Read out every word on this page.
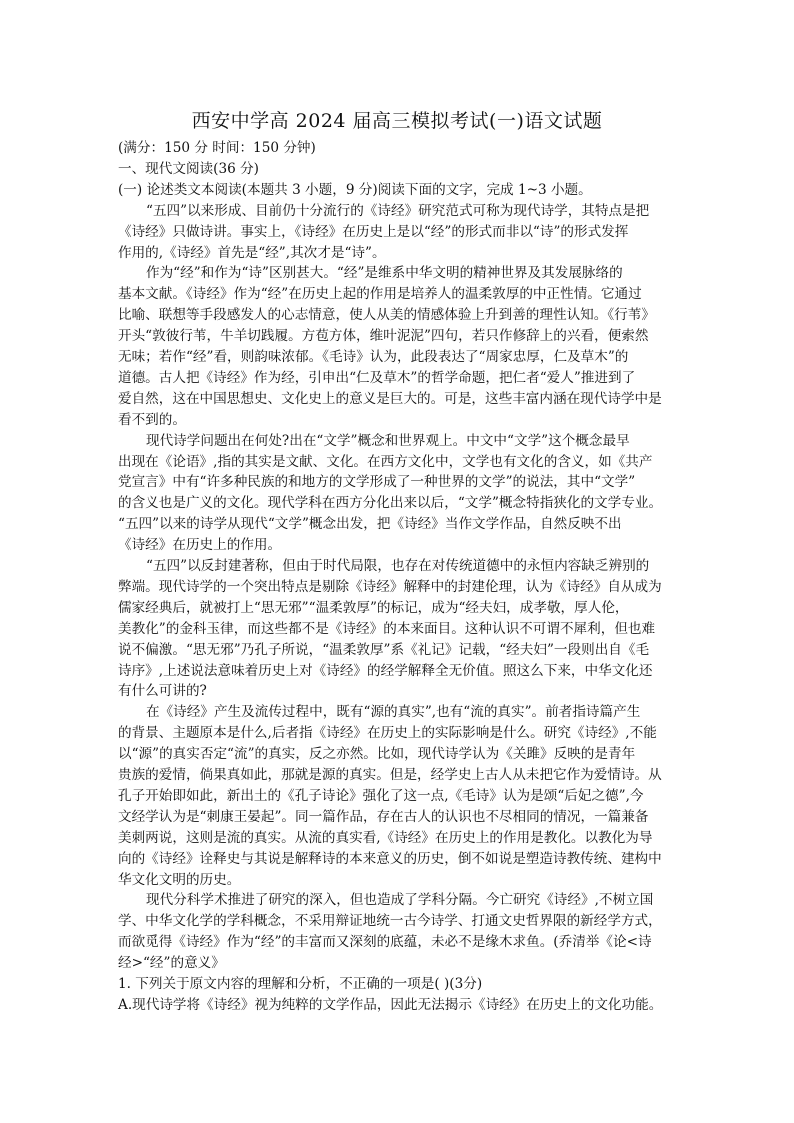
西安中学高 2024 届高三模拟考试(一)语文试题
(满分：150 分 时间：150 分钟)
一、现代文阅读(36 分)
(一) 论述类文本阅读(本题共 3 小题，9 分)阅读下面的文字，完成 1~3 小题。
“五四”以来形成、目前仍十分流行的《诗经》研究范式可称为现代诗学，其特点是把
《诗经》只做诗讲。事实上，《诗经》在历史上是以“经”的形式而非以“诗”的形式发挥
作用的,《诗经》首先是“经”,其次才是“诗”。
作为“经”和作为“诗”区别甚大。“经”是维系中华文明的精神世界及其发展脉络的
基本文献。《诗经》作为“经”在历史上起的作用是培养人的温柔敦厚的中正性情。它通过
比喻、联想等手段感发人的心志情意，使人从美的情感体验上升到善的理性认知。《行苇》
开头“敦彼行苇，牛羊切践履。方苞方体，维叶泥泥”四句，若只作修辞上的兴看，便索然
无味；若作“经”看，则韵味浓郁。《毛诗》认为，此段表达了“周家忠厚，仁及草木”的
道德。古人把《诗经》作为经，引申出“仁及草木”的哲学命题，把仁者“爱人”推进到了
爱自然，这在中国思想史、文化史上的意义是巨大的。可是，这些丰富内涵在现代诗学中是
看不到的。
现代诗学问题出在何处?出在“文学”概念和世界观上。中文中“文学”这个概念最早
出现在《论语》,指的其实是文献、文化。在西方文化中，文学也有文化的含义，如《共产
党宣言》中有“许多种民族的和地方的文学形成了一种世界的文学”的说法，其中“文学”
的含义也是广义的文化。现代学科在西方分化出来以后，“文学”概念特指狭化的文学专业。
“五四”以来的诗学从现代“文学”概念出发，把《诗经》当作文学作品，自然反映不出
《诗经》在历史上的作用。
“五四”以反封建著称，但由于时代局限，也存在对传统道德中的永恒内容缺乏辨别的
弊端。现代诗学的一个突出特点是剔除《诗经》解释中的封建伦理，认为《诗经》自从成为
儒家经典后，就被打上“思无邪”“温柔敦厚”的标记，成为“经夫妇，成孝敬，厚人伦，
美教化”的金科玉律，而这些都不是《诗经》的本来面目。这种认识不可谓不犀利，但也难
说不偏激。“思无邪”乃孔子所说，“温柔敦厚”系《礼记》记载，“经夫妇”一段则出自《毛
诗序》,上述说法意味着历史上对《诗经》的经学解释全无价值。照这么下来，中华文化还
有什么可讲的?
在《诗经》产生及流传过程中，既有“源的真实”,也有“流的真实”。前者指诗篇产生
的背景、主题原本是什么,后者指《诗经》在历史上的实际影响是什么。研究《诗经》,不能
以“源”的真实否定“流”的真实，反之亦然。比如，现代诗学认为《关雎》反映的是青年
贵族的爱情，倘果真如此，那就是源的真实。但是，经学史上古人从未把它作为爱情诗。从
孔子开始即如此，新出土的《孔子诗论》强化了这一点,《毛诗》认为是颂“后妃之德”,今
文经学认为是“刺康王晏起”。同一篇作品，存在古人的认识也不尽相同的情况，一篇兼备
美刺两说，这则是流的真实。从流的真实看,《诗经》在历史上的作用是教化。以教化为导
向的《诗经》诠释史与其说是解释诗的本来意义的历史，倒不如说是塑造诗教传统、建构中
华文化文明的历史。
现代分科学术推进了研究的深入，但也造成了学科分隔。今亡研究《诗经》,不树立国
学、中华文化学的学科概念，不采用辩证地统一古今诗学、打通文史哲界限的新经学方式，
而欲觅得《诗经》作为“经”的丰富而又深刻的底蕴，未必不是缘木求鱼。(乔清举《论<诗
经>“经”的意义》
1. 下列关于原文内容的理解和分析，不正确的一项是( )(3分)
A.现代诗学将《诗经》视为纯粹的文学作品，因此无法揭示《诗经》在历史上的文化功能。
